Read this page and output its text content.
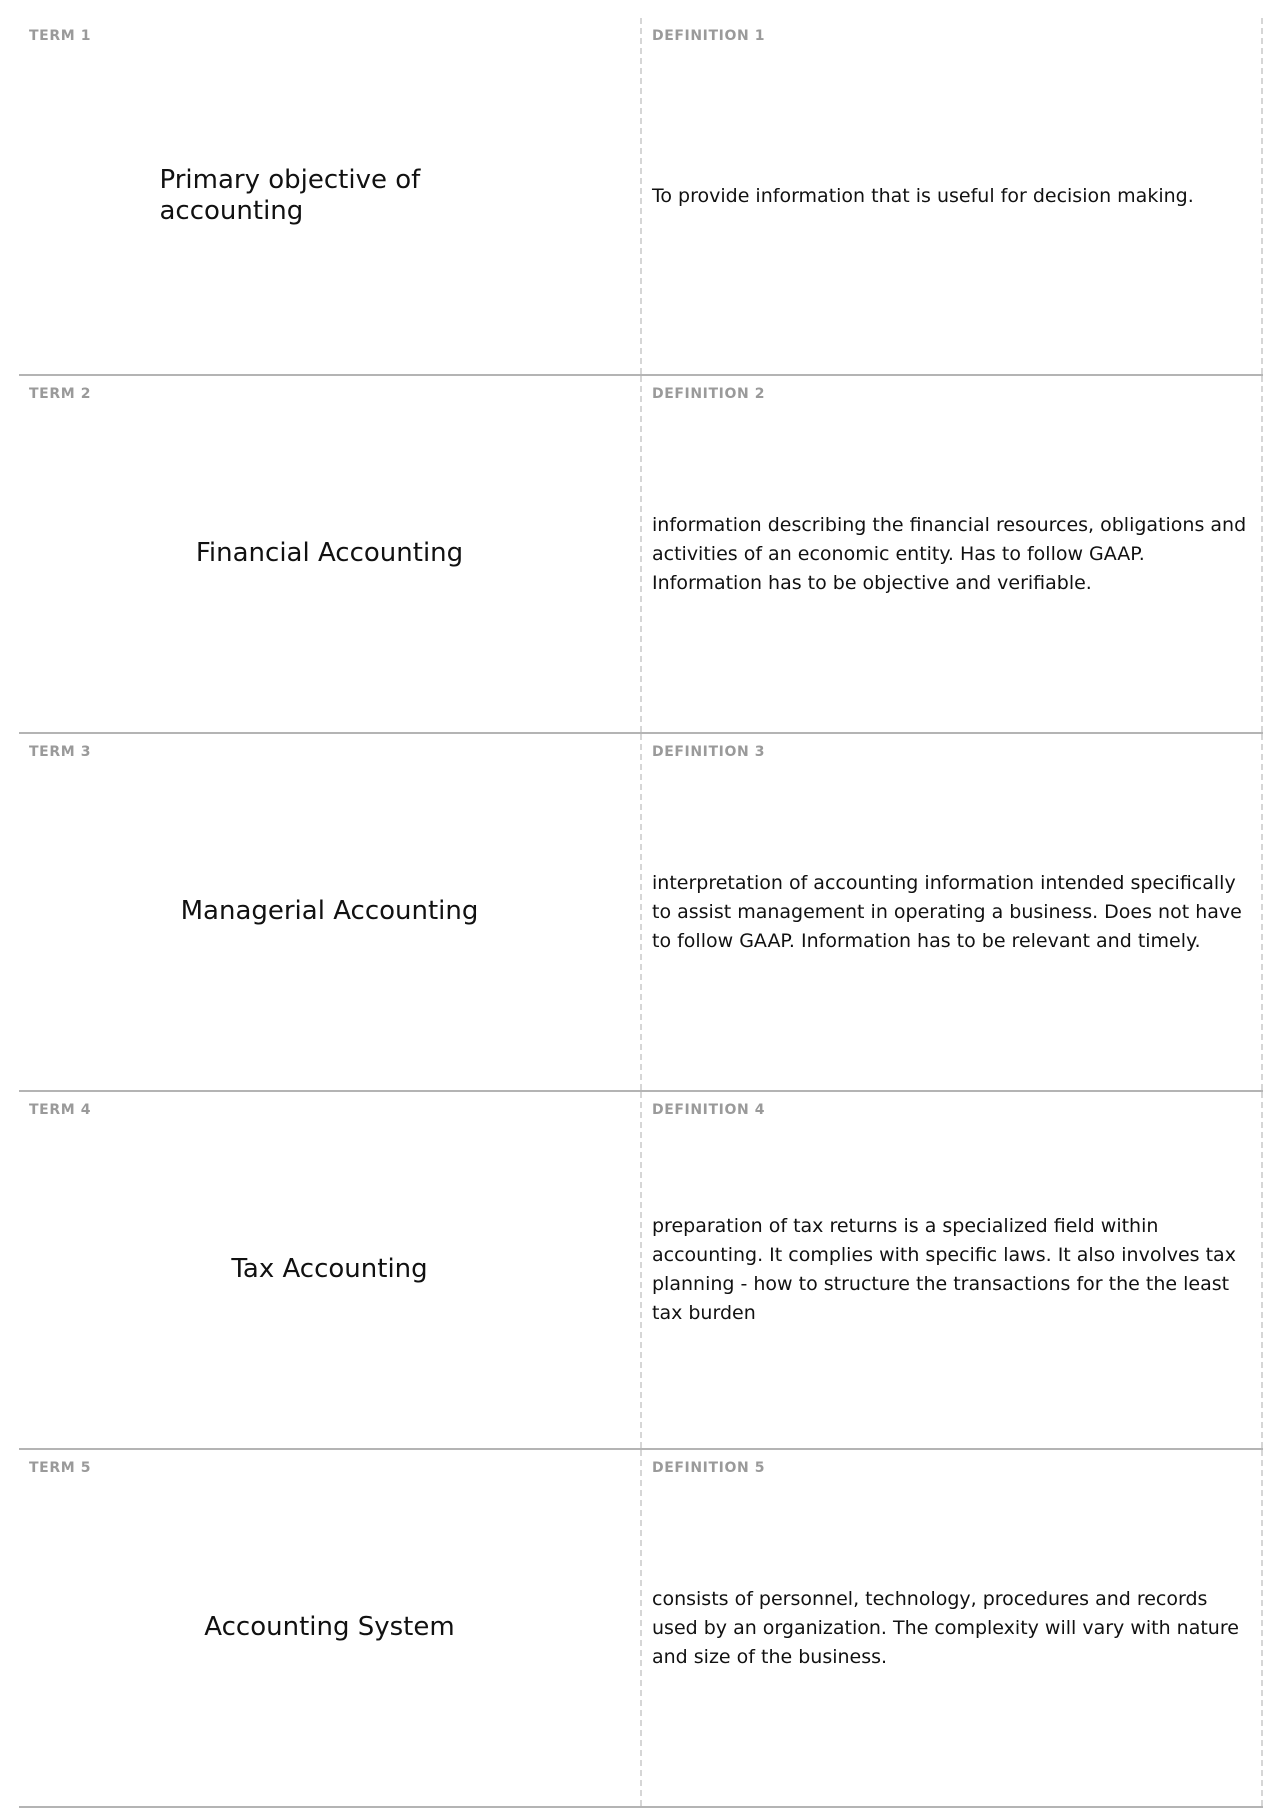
TERM 1
Primary objective of accounting
DEFINITION 1
To provide information that is useful for decision making.
TERM 2
Financial Accounting
DEFINITION 2
information describing the financial resources, obligations and activities of an economic entity. Has to follow GAAP. Information has to be objective and verifiable.
TERM 3
Managerial Accounting
DEFINITION 3
interpretation of accounting information intended specifically to assist management in operating a business. Does not have to follow GAAP. Information has to be relevant and timely.
TERM 4
Tax Accounting
DEFINITION 4
preparation of tax returns is a specialized field within accounting. It complies with specific laws. It also involves tax planning - how to structure the transactions for the the least tax burden
TERM 5
Accounting System
DEFINITION 5
consists of personnel, technology, procedures and records used by an organization. The complexity will vary with nature and size of the business.
